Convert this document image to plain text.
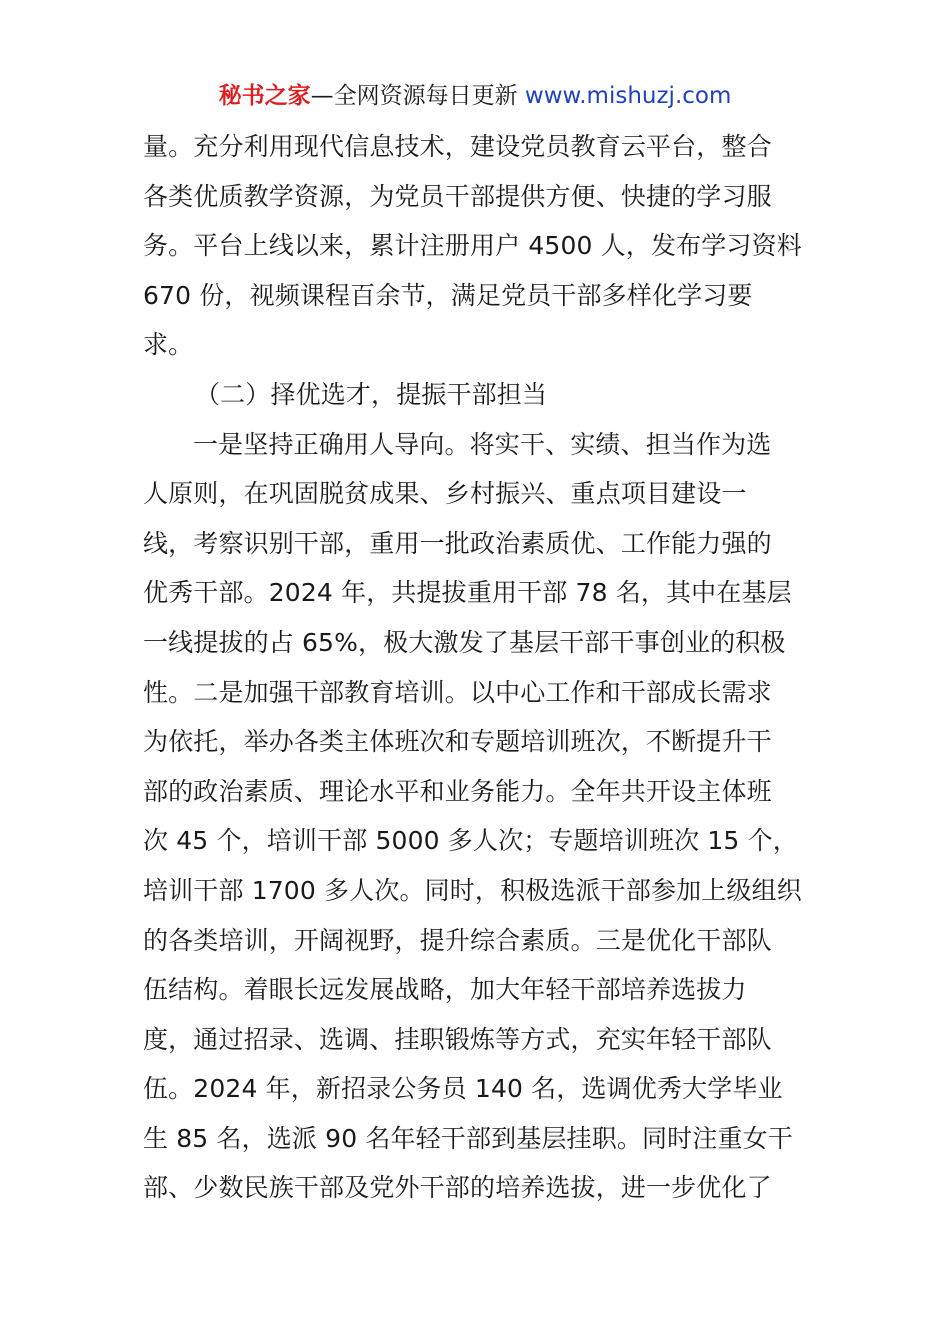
秘书之家—全网资源每日更新 www.mishuzj.com
量。充分利用现代信息技术，建设党员教育云平台，整合
各类优质教学资源，为党员干部提供方便、快捷的学习服
务。平台上线以来，累计注册用户 4500 人，发布学习资料
670 份，视频课程百余节，满足党员干部多样化学习要
求。
（二）择优选才，提振干部担当
一是坚持正确用人导向。将实干、实绩、担当作为选
人原则，在巩固脱贫成果、乡村振兴、重点项目建设一
线，考察识别干部，重用一批政治素质优、工作能力强的
优秀干部。2024 年，共提拔重用干部 78 名，其中在基层
一线提拔的占 65%，极大激发了基层干部干事创业的积极
性。二是加强干部教育培训。以中心工作和干部成长需求
为依托，举办各类主体班次和专题培训班次，不断提升干
部的政治素质、理论水平和业务能力。全年共开设主体班
次 45 个，培训干部 5000 多人次；专题培训班次 15 个，
培训干部 1700 多人次。同时，积极选派干部参加上级组织
的各类培训，开阔视野，提升综合素质。三是优化干部队
伍结构。着眼长远发展战略，加大年轻干部培养选拔力
度，通过招录、选调、挂职锻炼等方式，充实年轻干部队
伍。2024 年，新招录公务员 140 名，选调优秀大学毕业
生 85 名，选派 90 名年轻干部到基层挂职。同时注重女干
部、少数民族干部及党外干部的培养选拔，进一步优化了
